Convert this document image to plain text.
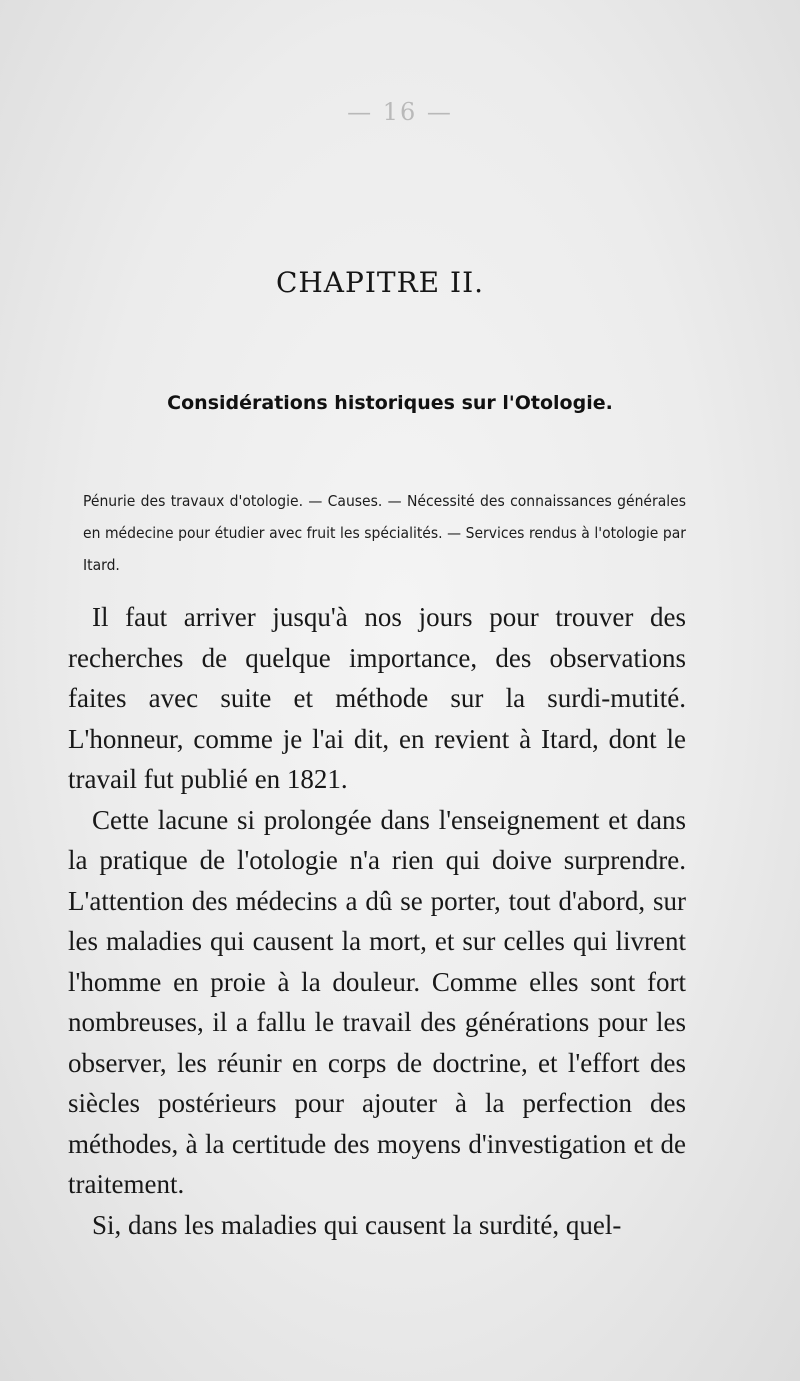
— 16 —
CHAPITRE II.
Considérations historiques sur l'Otologie.

Pénurie des travaux d'otologie. — Causes. — Nécessité des connaissances générales en médecine pour étudier avec fruit les spécialités. — Services rendus à l'otologie par Itard.

Il faut arriver jusqu'à nos jours pour trouver des recherches de quelque importance, des observations faites avec suite et méthode sur la surdi-mutité. L'honneur, comme je l'ai dit, en revient à Itard, dont le travail fut publié en 1821.

Cette lacune si prolongée dans l'enseignement et dans la pratique de l'otologie n'a rien qui doive surprendre. L'attention des médecins a dû se porter, tout d'abord, sur les maladies qui causent la mort, et sur celles qui livrent l'homme en proie à la douleur. Comme elles sont fort nombreuses, il a fallu le travail des générations pour les observer, les réunir en corps de doctrine, et l'effort des siècles postérieurs pour ajouter à la perfection des méthodes, à la certitude des moyens d'investigation et de traitement.

Si, dans les maladies qui causent la surdité, quel-
